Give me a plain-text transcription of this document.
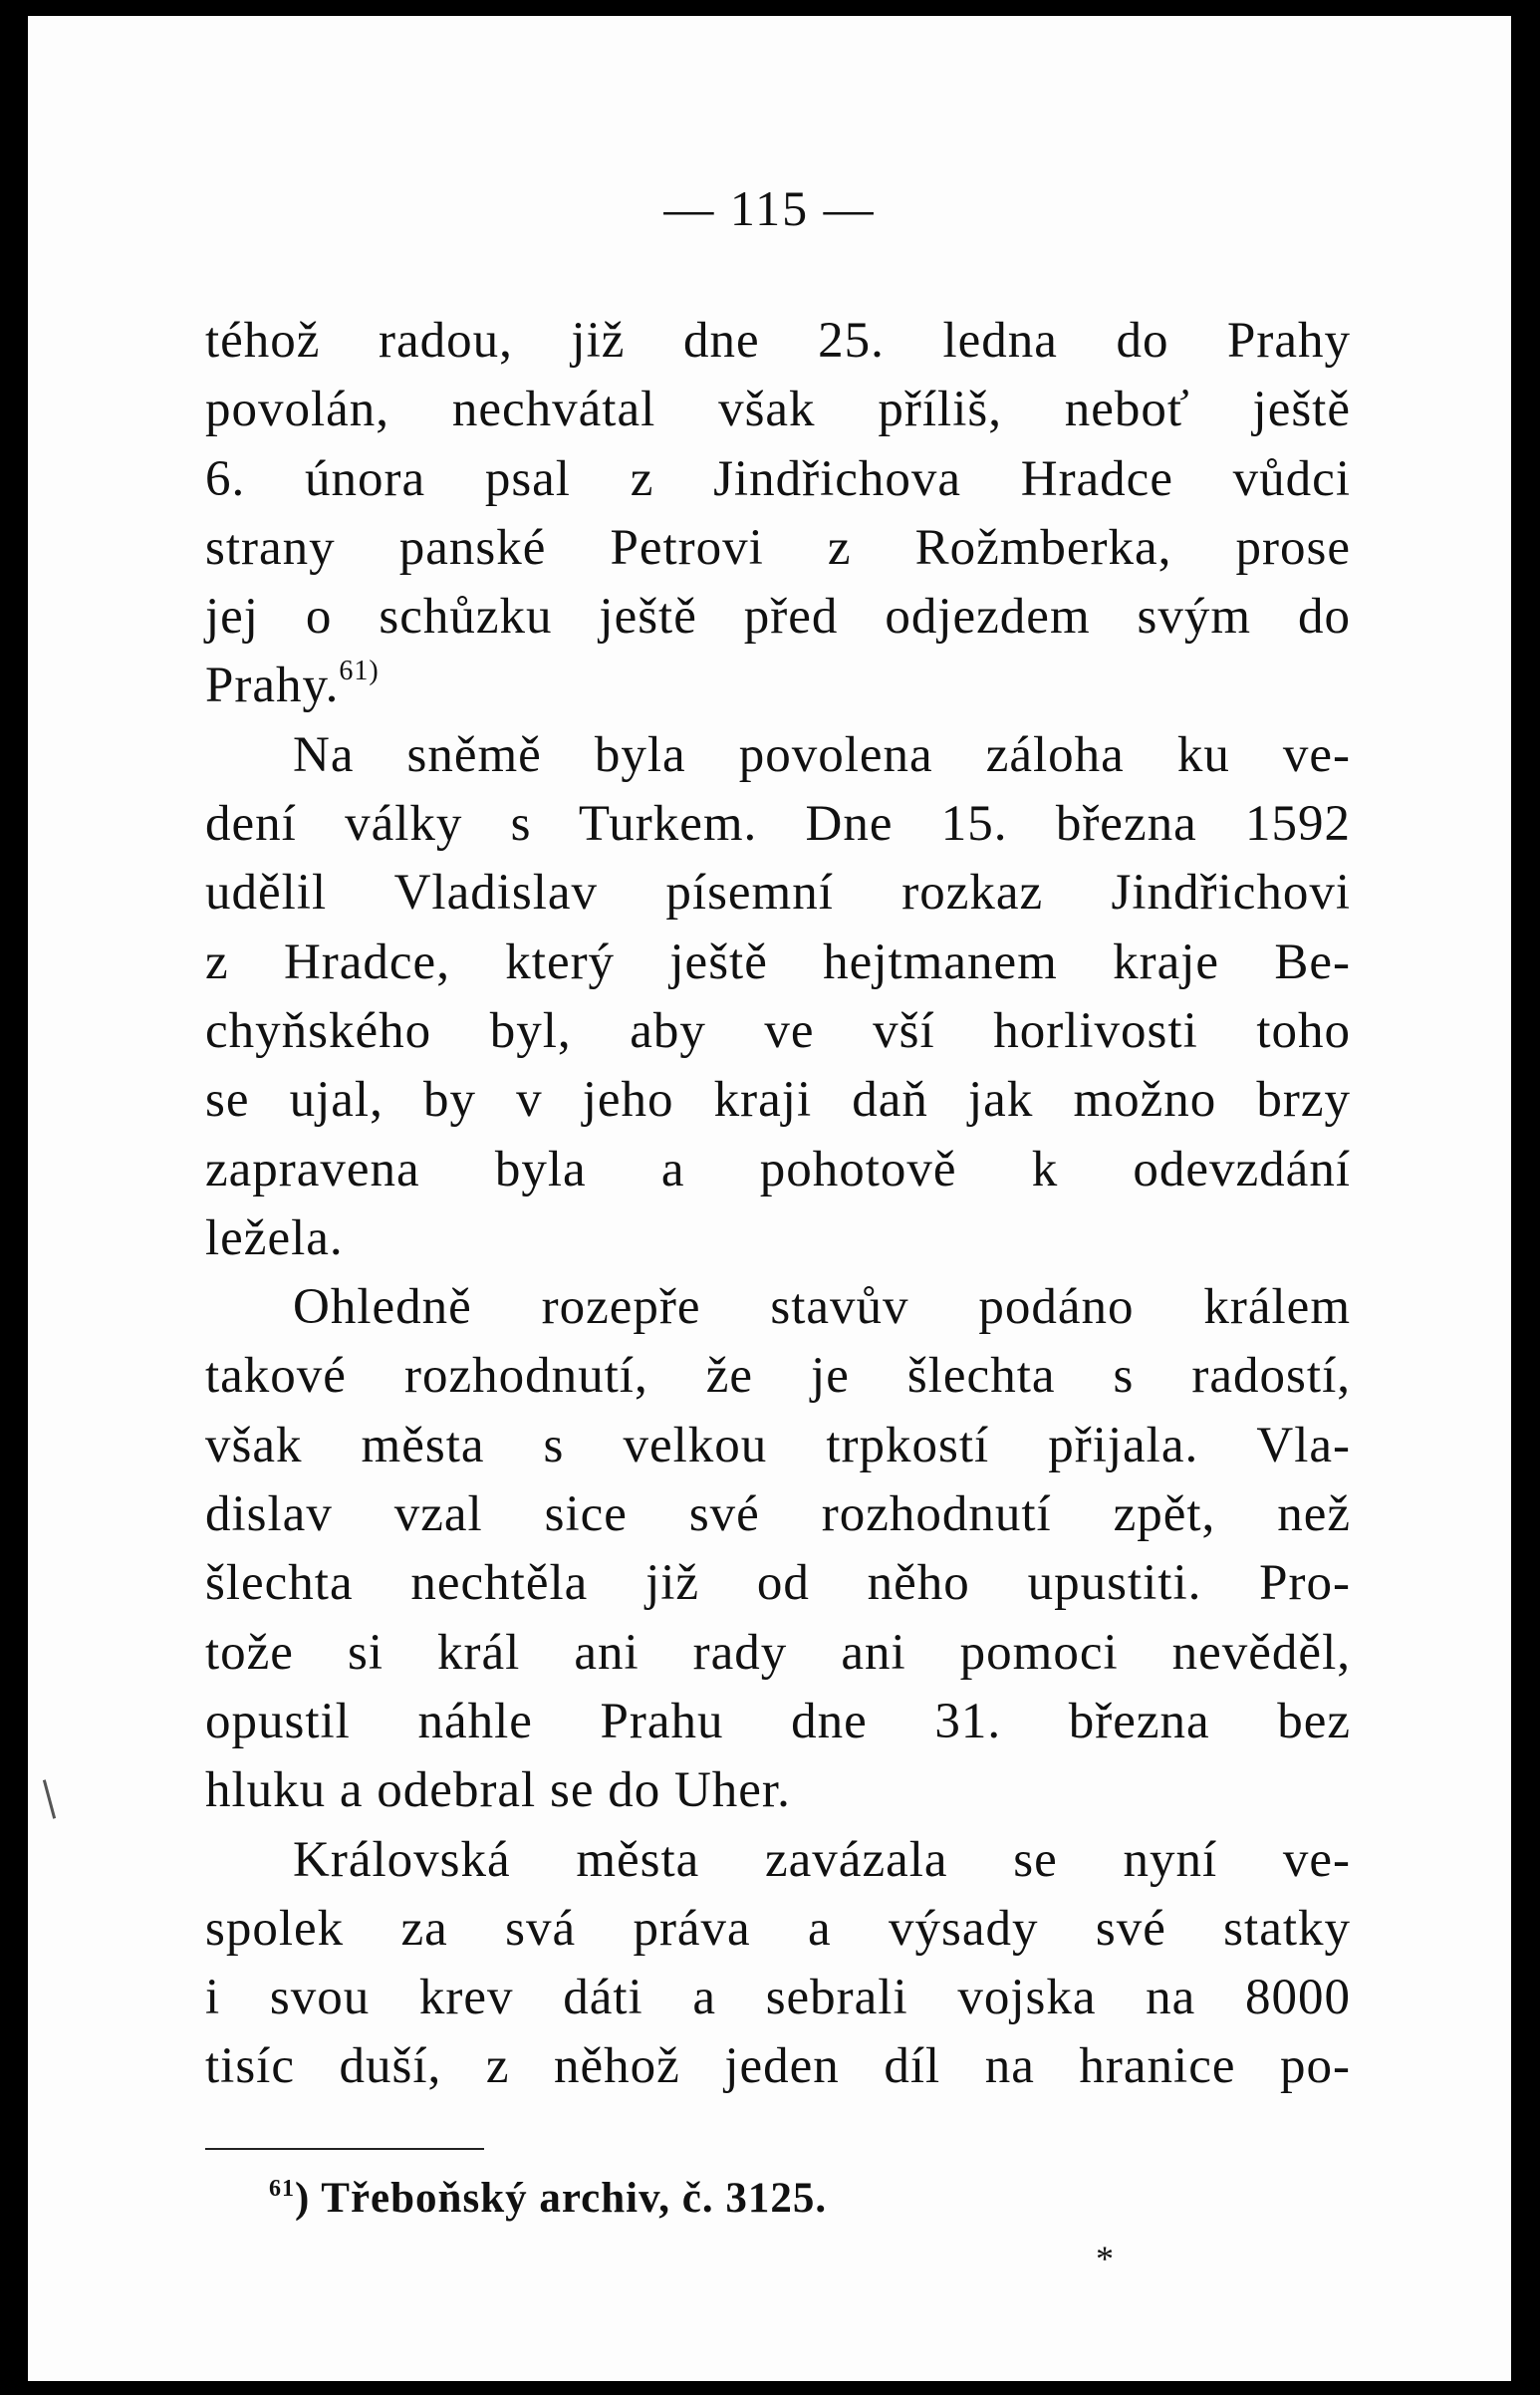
— 115 —
téhož radou, již dne 25. ledna do Prahy
povolán, nechvátal však příliš, neboť ještě
6. února psal z Jindřichova Hradce vůdci
strany panské Petrovi z Rožmberka, prose
jej o schůzku ještě před odjezdem svým do
Prahy.$^{61)}$
Na sněmě byla povolena záloha ku ve-
dení války s Turkem. Dne 15. března 1592
udělil Vladislav písemní rozkaz Jindřichovi
z Hradce, který ještě hejtmanem kraje Be-
chyňského byl, aby ve vší horlivosti toho
se ujal, by v jeho kraji daň jak možno brzy
zapravena byla a pohotově k odevzdání
ležela.
Ohledně rozepře stavův podáno králem
takové rozhodnutí, že je šlechta s radostí,
však města s velkou trpkostí přijala. Vla-
dislav vzal sice své rozhodnutí zpět, než
šlechta nechtěla již od něho upustiti. Pro-
tože si král ani rady ani pomoci nevěděl,
opustil náhle Prahu dne 31. března bez
hluku a odebral se do Uher.
Královská města zavázala se nyní ve-
spolek za svá práva a výsady své statky
i svou krev dáti a sebrali vojska na 8000
tisíc duší, z něhož jeden díl na hranice po-
$^{61}$) Třeboňský archiv, č. 3125.
*
